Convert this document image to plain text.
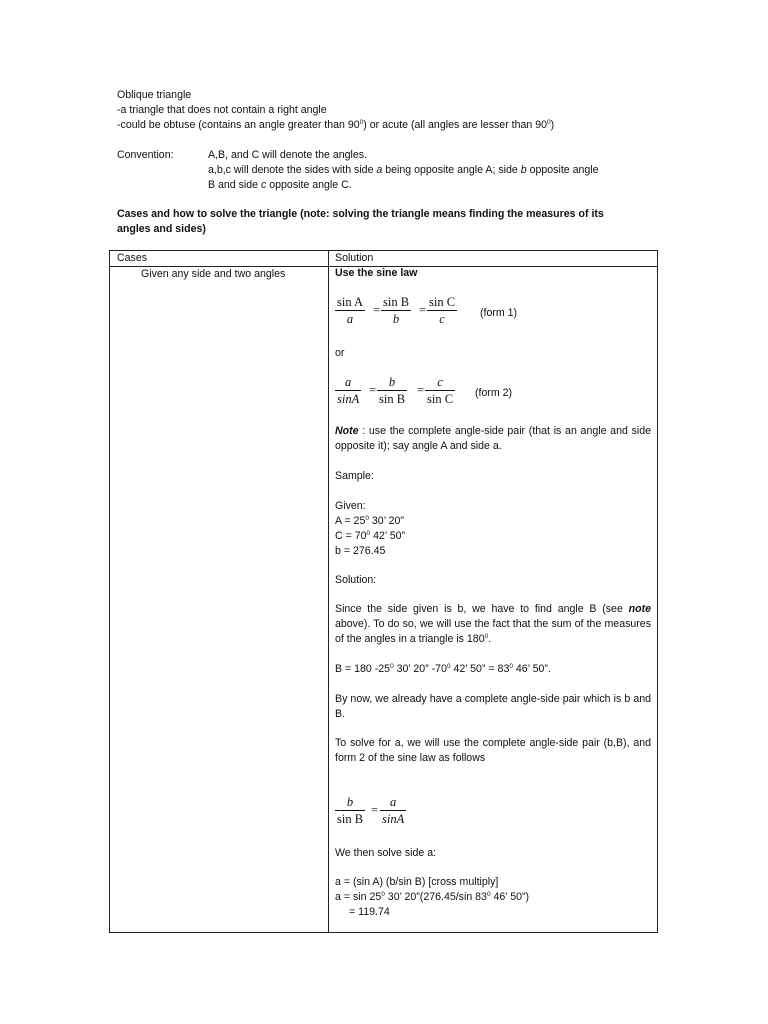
Oblique triangle
-a triangle that does not contain a right angle
-could be obtuse (contains an angle greater than $90^0$) or acute (all angles are lesser than $90^0$)
Convention:	A,B, and C will denote the angles.
a,b,c will denote the sides with side a being opposite angle A; side b opposite angle
B and side c opposite angle C.
Cases and how to solve the triangle (note: solving the triangle means finding the measures of its angles and sides)
Cases	Solution
Given any side and two angles	Use the sine law
$\frac{\text{sin A}}{a} = \frac{\text{sin B}}{b} = \frac{\text{sin C}}{c}$ (form 1)
or
$\frac{a}{\sin A} = \frac{b}{\text{sin B}} = \frac{c}{\text{sin C}}$ (form 2)
Note : use the complete angle-side pair (that is an angle and side opposite it); say angle A and side a.
Sample:
Given:
$A = 25^0$ 30’ 20”
$C = 70^0$ 42’ 50”
b = 276.45
Solution:
Since the side given is b, we have to find angle B (see note above). To do so, we will use the fact that the sum of the measures of the angles in a triangle is $180^0$.
B = 180 $-25^0$ 30’ 20” $-70^0$ 42’ 50” = $83^0$ 46’ 50”.
By now, we already have a complete angle-side pair which is b and B.
To solve for a, we will use the complete angle-side pair (b,B), and form 2 of the sine law as follows
$\frac{b}{\text{sin B}} = \frac{a}{\sin A}$
We then solve side a:
a = (sin A) (b/sin B) [cross multiply]
$a = \sin 25^0$ 30’ 20”(276.45/sin $83^0$ 46’ 50”)
= 119.74
